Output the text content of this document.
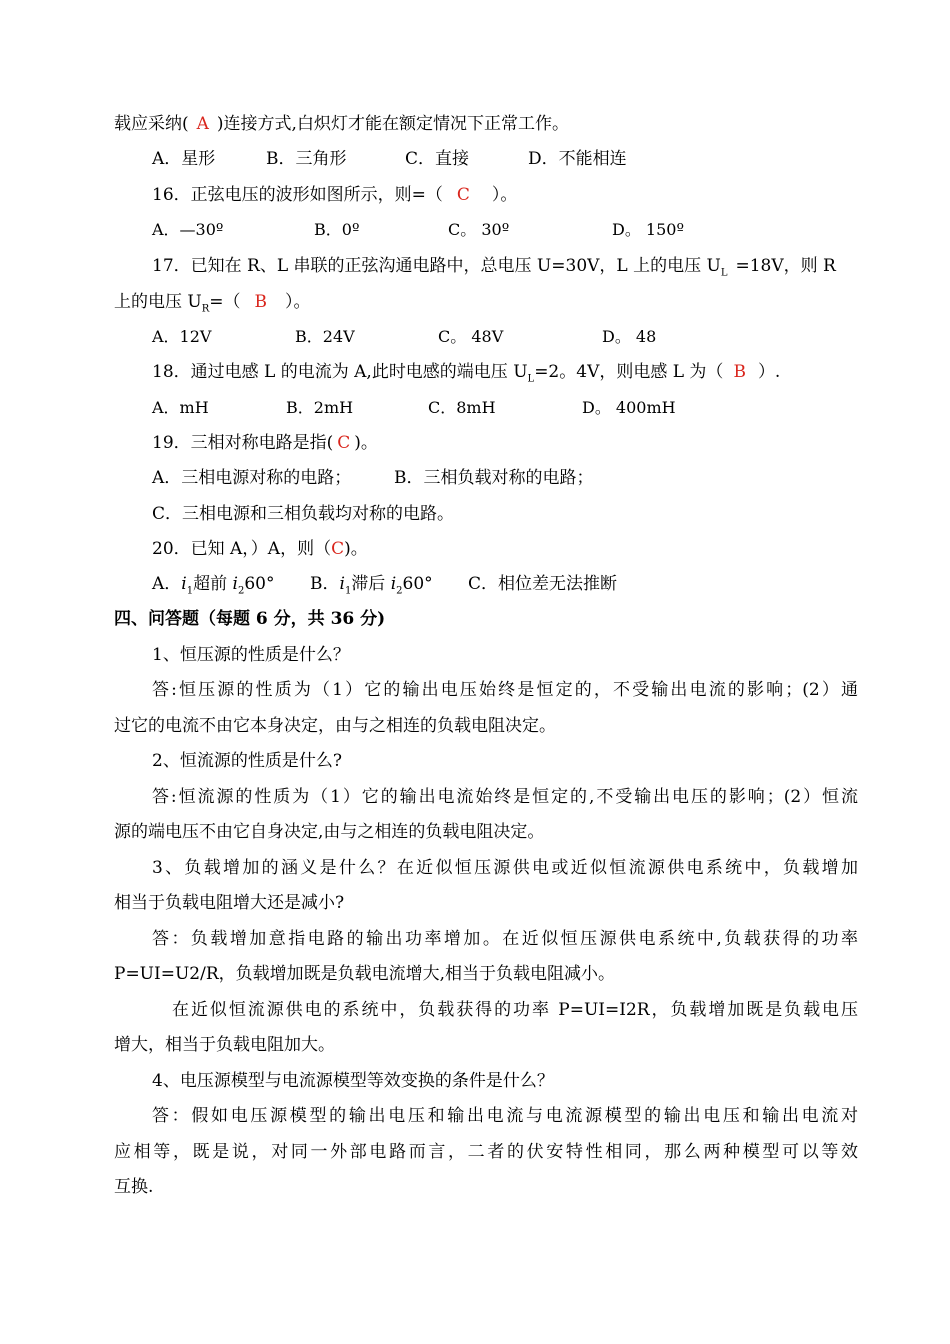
载应采纳( A )连接方式,白炽灯才能在额定情况下正常工作。
A．星形	B．三角形	C．直接	D．不能相连
16．正弦电压的波形如图所示，则=（ C ）。
A．—30º	B．0º	C。 30º	D。 150º
17．已知在 R、L 串联的正弦沟通电路中，总电压 U=30V，L 上的电压 $U_L =18V$，则 R
上的电压 $U_R=$（ B ）。
A．12V	B．24V	C。 48V	D。 48
18．通过电感 L 的电流为 A,此时电感的端电压 $U_L=2$。4V，则电感 L 为（ B ）.
A．mH	B．2mH	C．8mH	D。 400mH
19．三相对称电路是指( C )。
A．三相电源对称的电路；	B．三相负载对称的电路；
C．三相电源和三相负载均对称的电路。
20．已知 A，）A，则（C)。
A．$i_1$超前 $i_260^\circ$ B．$i_1$滞后 $i_260^\circ$ C．相位差无法推断
四、问答题（每题 6 分，共 36 分)
1、恒压源的性质是什么？
答:恒压源的性质为（1）它的输出电压始终是恒定的，不受输出电流的影响；(2）通
过它的电流不由它本身决定，由与之相连的负载电阻决定。
2、恒流源的性质是什么?
答:恒流源的性质为（1）它的输出电流始终是恒定的,不受输出电压的影响；(2）恒流
源的端电压不由它自身决定,由与之相连的负载电阻决定。
3、负载增加的涵义是什么？在近似恒压源供电或近似恒流源供电系统中，负载增加
相当于负载电阻增大还是减小?
答：负载增加意指电路的输出功率增加。在近似恒压源供电系统中,负载获得的功率
P=UI=U2/R，负载增加既是负载电流增大,相当于负载电阻减小。
在近似恒流源供电的系统中，负载获得的功率 P=UI=I2R，负载增加既是负载电压
增大，相当于负载电阻加大。
4、电压源模型与电流源模型等效变换的条件是什么？
答：假如电压源模型的输出电压和输出电流与电流源模型的输出电压和输出电流对
应相等，既是说，对同一外部电路而言，二者的伏安特性相同，那么两种模型可以等效
互换.
